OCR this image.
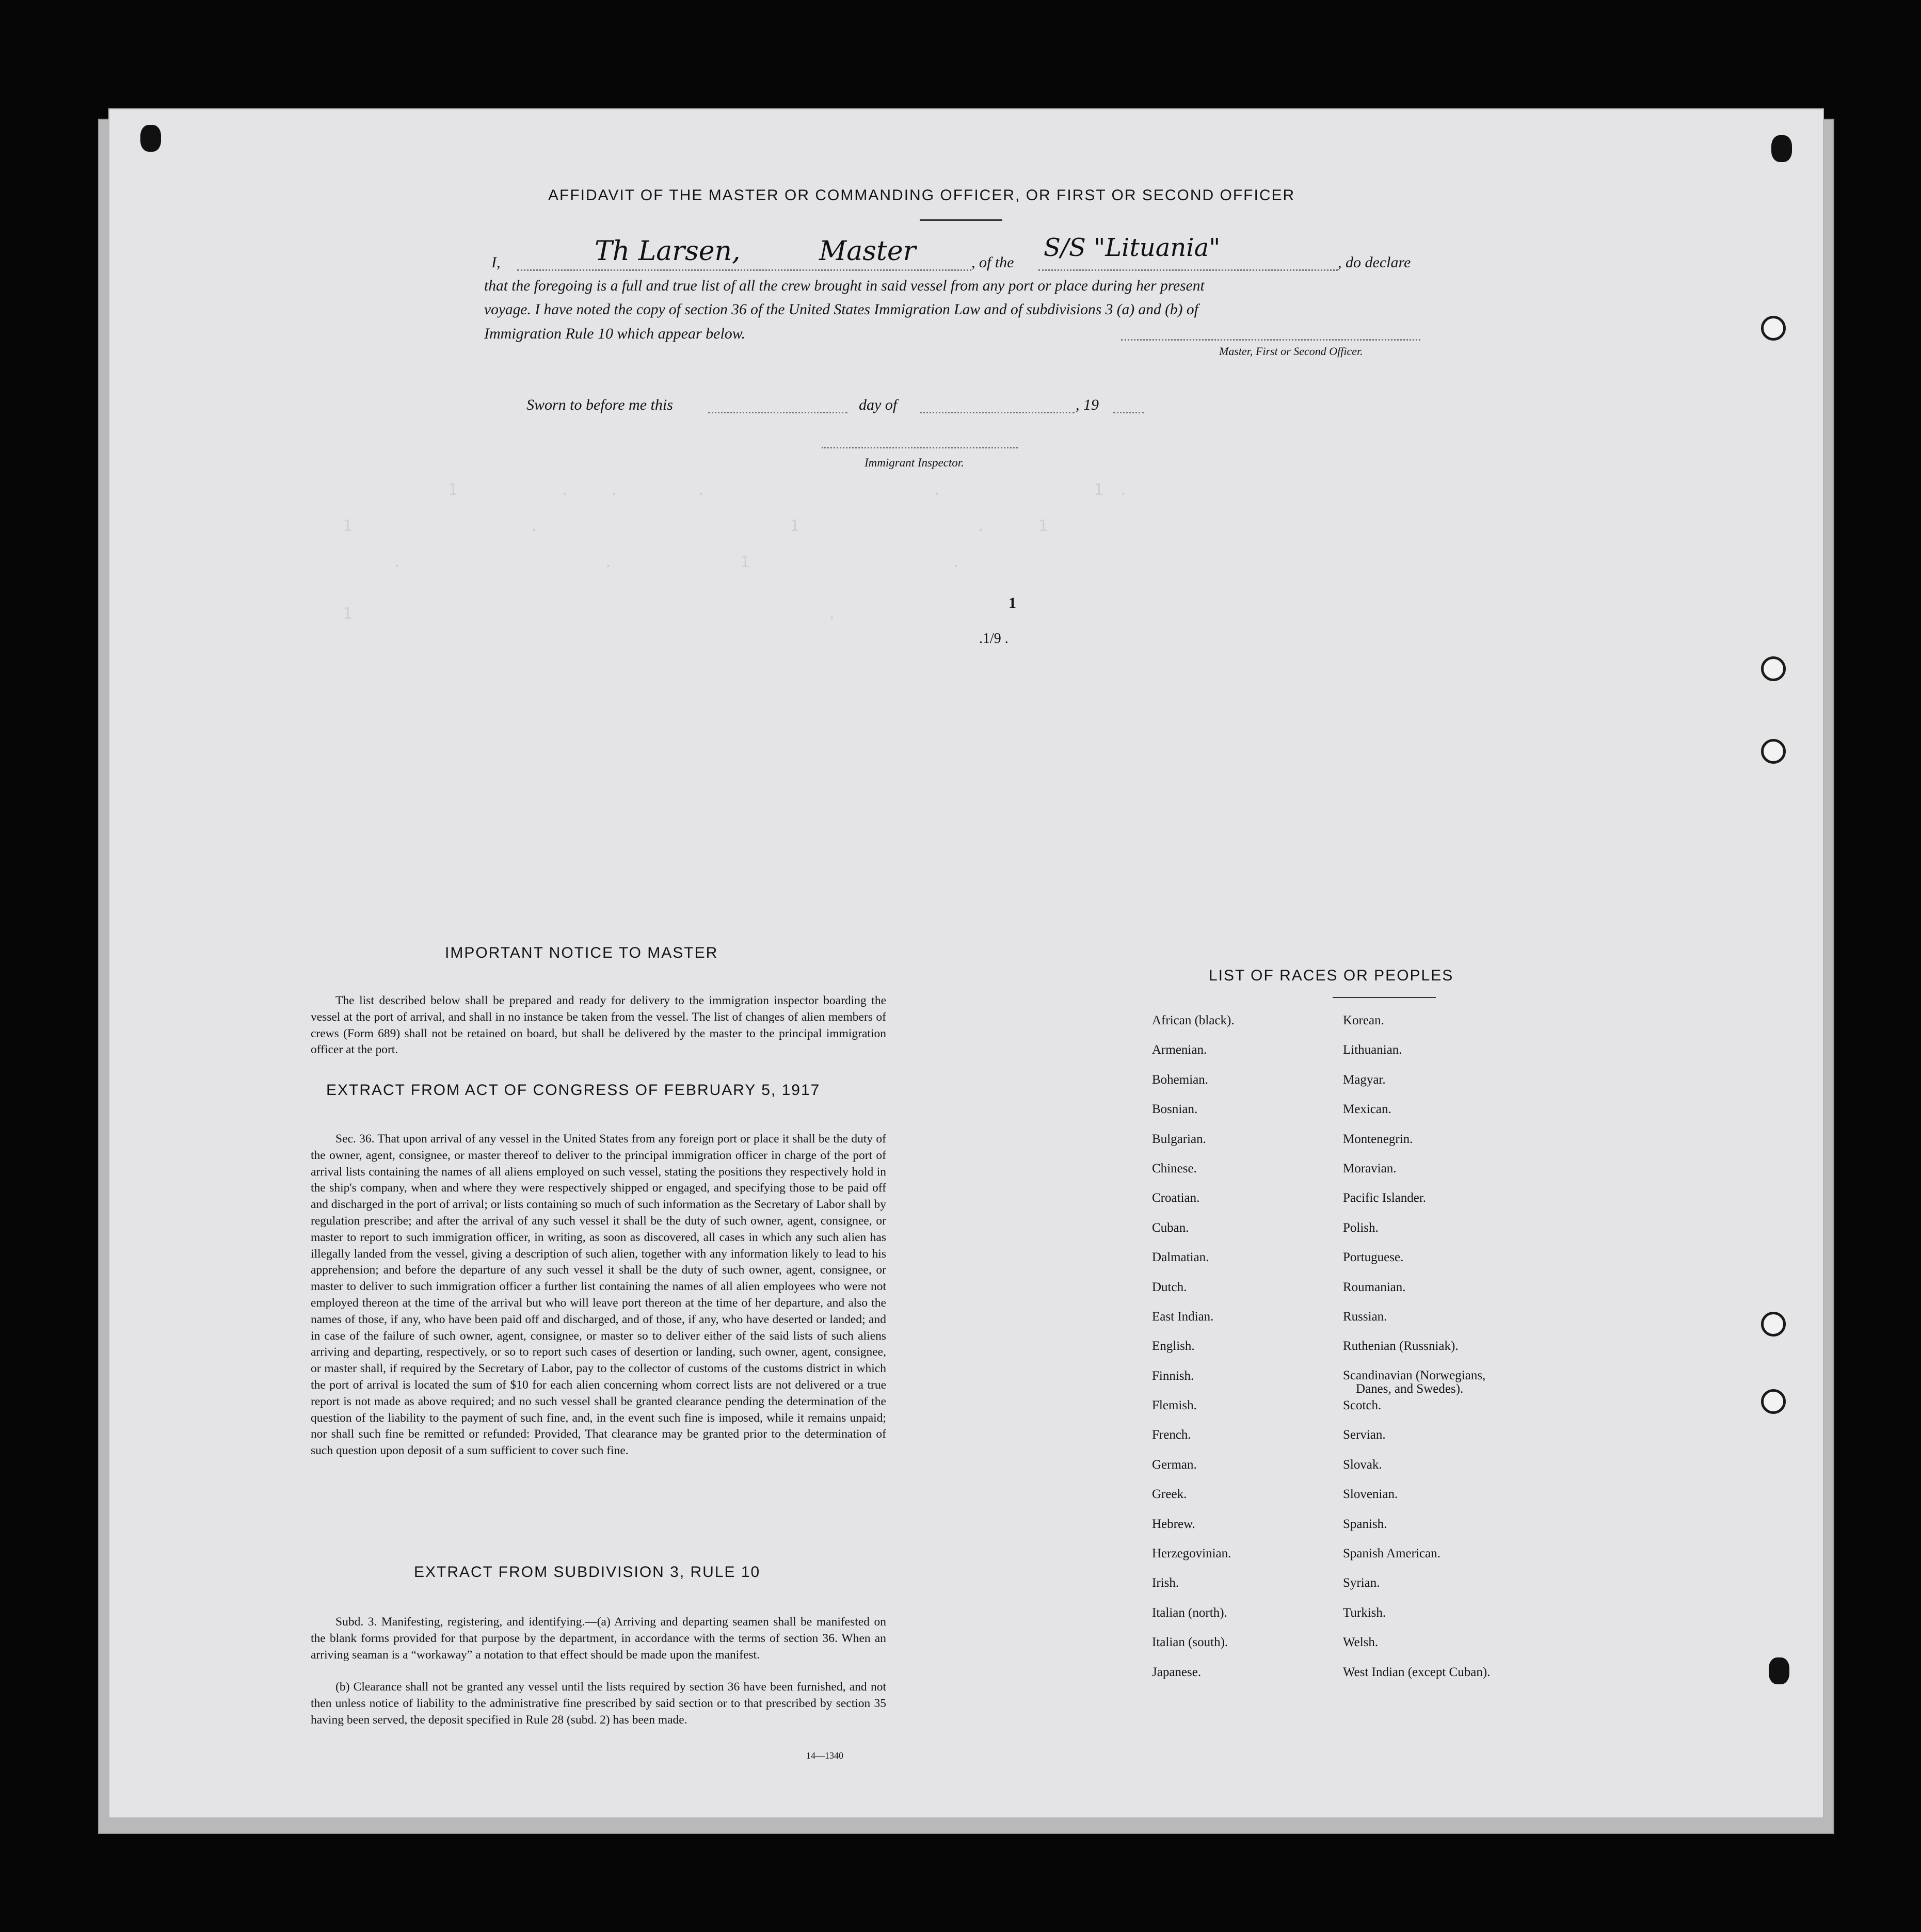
1        .   .      .                  .            1 .
1              .                    1              .    1
.                .          1                .
1                                      .
AFFIDAVIT OF THE MASTER OR COMMANDING OFFICER, OR FIRST OR SECOND OFFICER
I,	Th Larsen,	Master	, of the
S/S "Lituania"
, do declare
that the foregoing is a full and true list of all the crew brought in said vessel from any port or place during her present
voyage. I have noted the copy of section 36 of the United States Immigration Law and of subdivisions 3 (a) and (b) of
Immigration Rule 10 which appear below.
Master, First or Second Officer.
Sworn to before me this	day of	, 19
Immigrant Inspector.
1
.1/9 .
IMPORTANT NOTICE TO MASTER
The list described below shall be prepared and ready for delivery to the immigration inspector boarding the vessel at the port of arrival, and shall in no instance be taken from the vessel. The list of changes of alien members of crews (Form 689) shall not be retained on board, but shall be delivered by the master to the principal immigration officer at the port.
EXTRACT FROM ACT OF CONGRESS OF FEBRUARY 5, 1917
Sec. 36. That upon arrival of any vessel in the United States from any foreign port or place it shall be the duty of the owner, agent, consignee, or master thereof to deliver to the principal immigration officer in charge of the port of arrival lists containing the names of all aliens employed on such vessel, stating the positions they respectively hold in the ship's company, when and where they were respectively shipped or engaged, and specifying those to be paid off and discharged in the port of arrival; or lists containing so much of such information as the Secretary of Labor shall by regulation prescribe; and after the arrival of any such vessel it shall be the duty of such owner, agent, consignee, or master to report to such immigration officer, in writing, as soon as discovered, all cases in which any such alien has illegally landed from the vessel, giving a description of such alien, together with any information likely to lead to his apprehension; and before the departure of any such vessel it shall be the duty of such owner, agent, consignee, or master to deliver to such immigration officer a further list containing the names of all alien employees who were not employed thereon at the time of the arrival but who will leave port thereon at the time of her departure, and also the names of those, if any, who have been paid off and discharged, and of those, if any, who have deserted or landed; and in case of the failure of such owner, agent, consignee, or master so to deliver either of the said lists of such aliens arriving and departing, respectively, or so to report such cases of desertion or landing, such owner, agent, consignee, or master shall, if required by the Secretary of Labor, pay to the collector of customs of the customs district in which the port of arrival is located the sum of $10 for each alien concerning whom correct lists are not delivered or a true report is not made as above required; and no such vessel shall be granted clearance pending the determination of the question of the liability to the payment of such fine, and, in the event such fine is imposed, while it remains unpaid; nor shall such fine be remitted or refunded: Provided, That clearance may be granted prior to the determination of such question upon deposit of a sum sufficient to cover such fine.
EXTRACT FROM SUBDIVISION 3, RULE 10
Subd. 3. Manifesting, registering, and identifying.—(a) Arriving and departing seamen shall be manifested on the blank forms provided for that purpose by the department, in accordance with the terms of section 36. When an arriving seaman is a “workaway” a notation to that effect should be made upon the manifest.
(b) Clearance shall not be granted any vessel until the lists required by section 36 have been furnished, and not then unless notice of liability to the administrative fine prescribed by said section or to that prescribed by section 35 having been served, the deposit specified in Rule 28 (subd. 2) has been made.
14—1340
LIST OF RACES OR PEOPLES
African (black).	Korean.
Armenian.	Lithuanian.
Bohemian.	Magyar.
Bosnian.	Mexican.
Bulgarian.	Montenegrin.
Chinese.	Moravian.
Croatian.	Pacific Islander.
Cuban.	Polish.
Dalmatian.	Portuguese.
Dutch.	Roumanian.
East Indian.	Russian.
English.	Ruthenian (Russniak).
Finnish.	Scandinavian (Norwegians,
Danes, and Swedes).
Flemish.	Scotch.
French.	Servian.
German.	Slovak.
Greek.	Slovenian.
Hebrew.	Spanish.
Herzegovinian.	Spanish American.
Irish.	Syrian.
Italian (north).	Turkish.
Italian (south).	Welsh.
Japanese.	West Indian (except Cuban).
